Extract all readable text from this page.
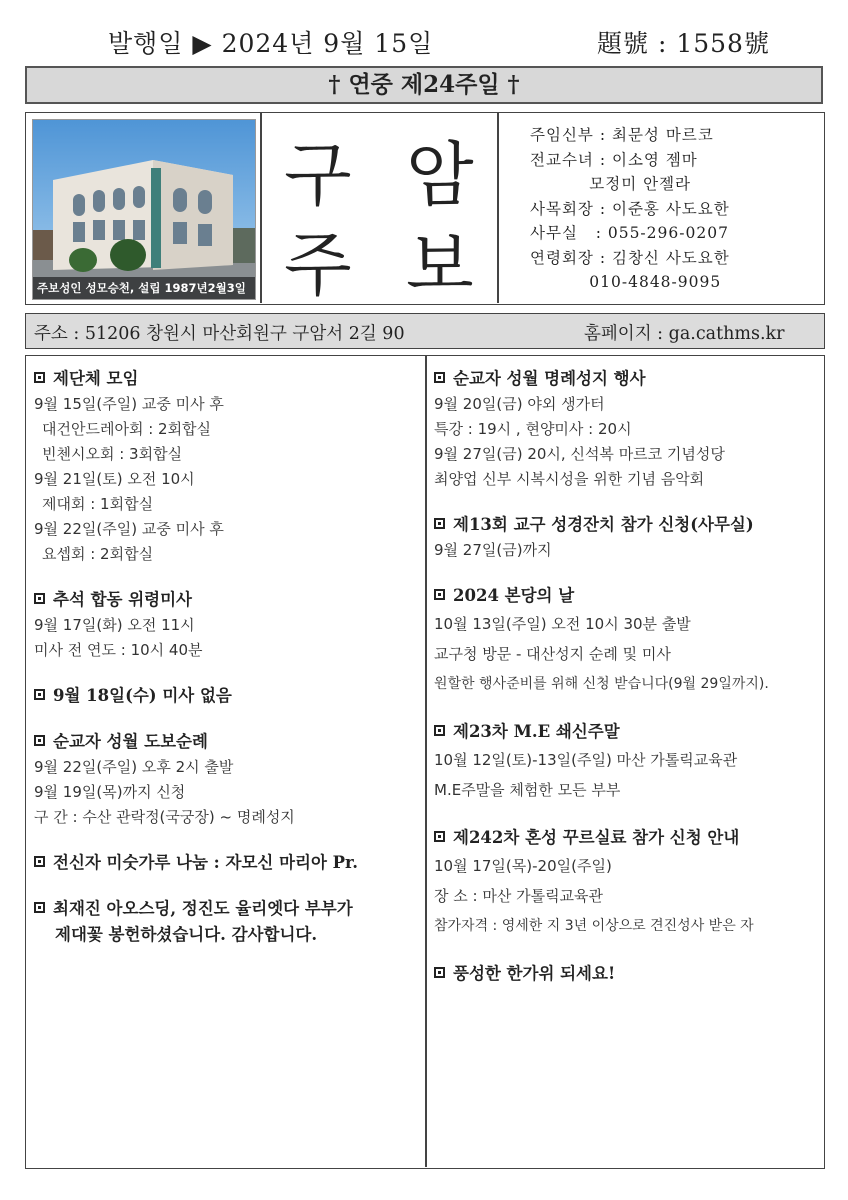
발행일 ▶ 2024년 9월 15일	題號 : 1558號
† 연중 제24주일 †
주보성인 성모승천, 설립 1987년2월3일
구 암
주 보
주임신부 : 최문성 마르코
전교수녀 : 이소영 젬마
모정미 안젤라
사목회장 : 이준홍 사도요한
사무실   : 055-296-0207
연령회장 : 김창신 사도요한
010-4848-9095
주소 : 51206 창원시 마산회원구 구암서 2길 90	홈페이지 : ga.cathms.kr
제단체 모임
9월 15일(주일) 교중 미사 후
대건안드레아회 : 2회합실
빈첸시오회 : 3회합실
9월 21일(토) 오전 10시
제대회 : 1회합실
9월 22일(주일) 교중 미사 후
요셉회 : 2회합실
추석 합동 위령미사
9월 17일(화) 오전 11시
미사 전 연도 : 10시 40분
9월 18일(수) 미사 없음
순교자 성월 도보순례
9월 22일(주일) 오후 2시 출발
9월 19일(목)까지 신청
구 간 : 수산 관락정(국궁장) ~ 명례성지
전신자 미숫가루 나눔 : 자모신 마리아 Pr.
최재진 아오스딩, 정진도 율리엣다 부부가
제대꽃 봉헌하셨습니다. 감사합니다.
순교자 성월 명례성지 행사
9월 20일(금) 야외 생가터
특강 : 19시 , 현양미사 : 20시
9월 27일(금) 20시, 신석복 마르코 기념성당
최양업 신부 시복시성을 위한 기념 음악회
제13회 교구 성경잔치 참가 신청(사무실)
9월 27일(금)까지
2024 본당의 날
10월 13일(주일) 오전 10시 30분 출발
교구청 방문 - 대산성지 순례 및 미사
원할한 행사준비를 위해 신청 받습니다(9월 29일까지).
제23차 M.E 쇄신주말
10월 12일(토)-13일(주일) 마산 가톨릭교육관
M.E주말을 체험한 모든 부부
제242차 혼성 꾸르실료 참가 신청 안내
10월 17일(목)-20일(주일)
장 소 : 마산 가톨릭교육관
참가자격 : 영세한 지 3년 이상으로 견진성사 받은 자
풍성한 한가위 되세요!
